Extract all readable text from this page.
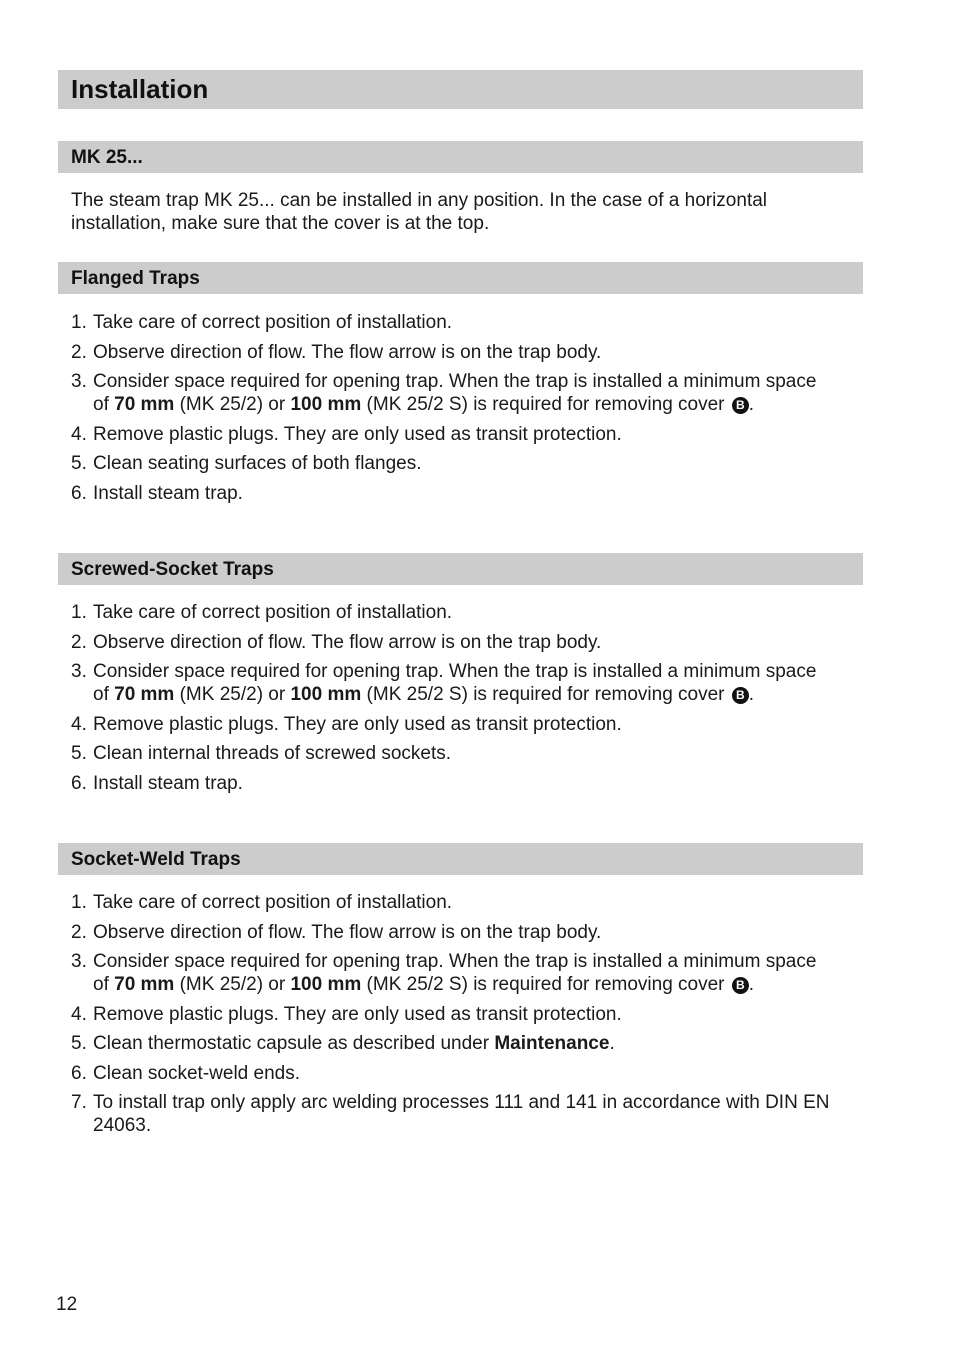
Installation
MK 25...

The steam trap MK 25... can be installed in any position. In the case of a horizontal installation, make sure that the cover is at the top.

Flanged Traps
1. Take care of correct position of installation.
2. Observe direction of flow. The flow arrow is on the trap body.
3. Consider space required for opening trap. When the trap is installed a minimum space of 70 mm (MK 25/2) or 100 mm (MK 25/2 S) is required for removing cover B .
4. Remove plastic plugs. They are only used as transit protection.
5. Clean seating surfaces of both flanges.
6. Install steam trap.
Screwed-Socket Traps
1. Take care of correct position of installation.
2. Observe direction of flow. The flow arrow is on the trap body.
3. Consider space required for opening trap. When the trap is installed a minimum space of 70 mm (MK 25/2) or 100 mm (MK 25/2 S) is required for removing cover B .
4. Remove plastic plugs. They are only used as transit protection.
5. Clean internal threads of screwed sockets.
6. Install steam trap.
Socket-Weld Traps
1. Take care of correct position of installation.
2. Observe direction of flow. The flow arrow is on the trap body.
3. Consider space required for opening trap. When the trap is installed a minimum space of 70 mm (MK 25/2) or 100 mm (MK 25/2 S) is required for removing cover B .
4. Remove plastic plugs. They are only used as transit protection.
5. Clean thermostatic capsule as described under Maintenance.
6. Clean socket-weld ends.
7. To install trap only apply arc welding processes 111 and 141 in accordance with DIN EN 24063.
12
